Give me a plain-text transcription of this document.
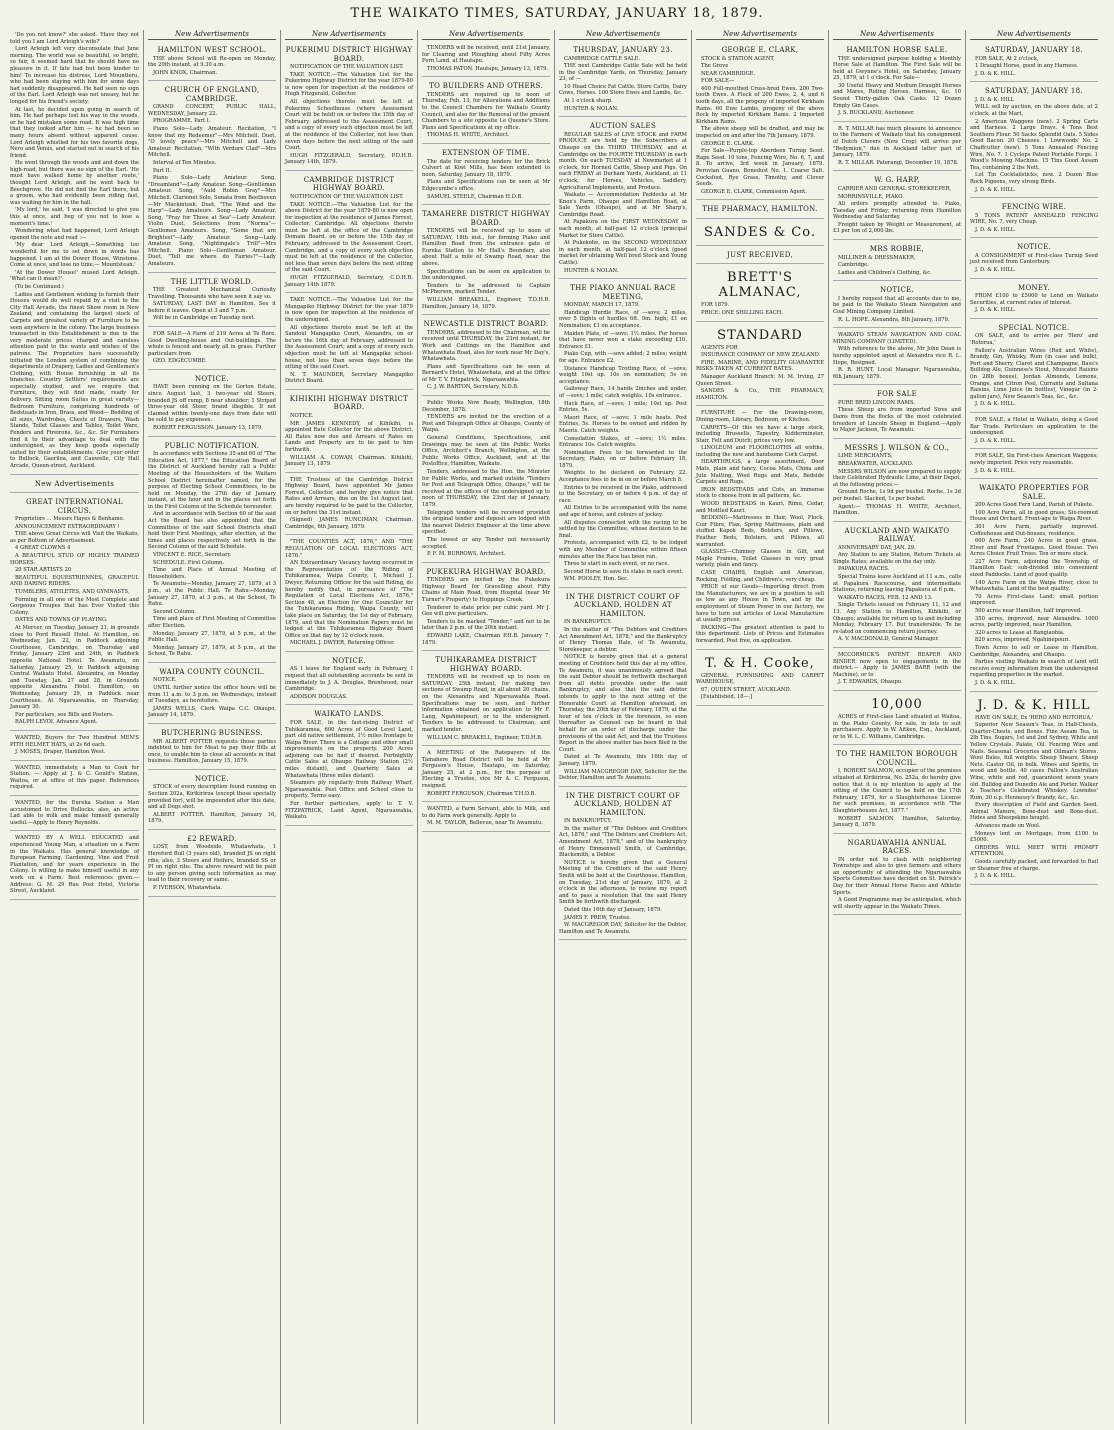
THE WAIKATO TIMES, SATURDAY, JANUARY 18, 1879.

'Do you not know?' she asked. 'Have they not told you I am Lord Arleigh's wife?'

Lord Arleigh left very disconsolate that June morning. The world was so beautiful, so bright, so fair, it seemed hard that he should have no pleasure in it. If fate had but been kinder to him! To increase his distress, Lord Mountleru, who had been staying with him for some days had suddenly disappeared. He had seen no sign of the Earl. Lord Arleigh was not uneasy, but he longed for his friend's society.

At last, he decided upon going in search of him. He had perhaps lost his way in the woods, or he had mistaken some road. It was high time that they looked after him — he had been so many hours absent without apparent cause. Lord Arleigh whistled for his two favorite dogs, Nero and Venus, and started out in search of his friend.

He went through the woods and and down the high-road, but there was no sign of the Earl. 'He must have walked home by another route,' thought Lord Arleigh, and he went back to Beechgrove. He did not find the Earl there, but a groom, who had evidently been riding fast, was waiting for him in the hall.

'My lord,' he said, 'I was directed to give you this at once, and beg of you not to lose a moment's time.'

Wondering what had happened, Lord Arleigh opened the note and read :—

'My dear Lord Arleigh,—Something too wonderful for me to set down in words has happened. I am at the Dower House, Winstone. Come at once, and lose no time.— Mountstean.'

'At the Dower House!' mused Lord Arleigh. 'What can it mean?'

(To be Continued.)

Ladies and Gentlemen wishing to furnish their Houses would do well repaid by a visit to the City Hall Arcade, the finest Show room in New Zealand, and containing the largest stock of Carpets and greatest variety of Furniture to be seen anywhere in the colony. The large business transacted in this Establishment is due to the very moderate prices charged and careless attention paid to the wants and wishes of the patrons. The Proprietors have successfully initiated the London system of combining the departments of Drapery, Ladies and Gentlemen's Clothing, with House furnishing in all its branches. Country Settlers' requirements are especially studied, and we require that Furniture, they will find made, ready for delivery. Sitting room Suites in great variety—Bedroom Furniture, comprising hundreds of Bedsteads in Iron, Brass, and Wood— Bedding of all sizes, Wardrobes, Chests of Drawers, Wash Stands, Toilet Glasses and Tables, Toilet Ware, Fenders and Fireirons, &c., &c. Sir Furnishers find it to their advantage to deal with the undersigned, as they keep goods especially suited for their establishments. Give your order to Bullock, Gaeriloa, and Cauwelle, City Hall Arcade, Queen-street, Auckland.

New Advertisements
GREAT INTERNATIONAL CIRCUS.

Proprietors ... Messrs Hayes & Benhamo.

ANNOUNCEMENT EXTRAORDINARY !

THE above Great Circus will Visit the Waikato, as per Bottom of Advertisement.

4 GREAT CLOWNS 4

A BEAUTIFUL STUD OF HIGHLY TRAINED HORSES.

20 STAR ARTISTS 20

BEAUTIFUL EQUESTRIENNES, GRACEFUL AND DARING RIDERS.

TUMBLERS, ATHLETES, AND GYMNASTS,

Forming in all one of the Most Complete and Gorgeous Troupes that has Ever Visited this Colony.

DATES AND TOWNS OF PLAYING.

At Mercer, on Tuesday, January 21, in grounds close to Pord Russell Hotel. At Hamilton, on Wednesday, Jan. 22, in Paddock adjoining Courthouse, Cambridge, on Thursday and Friday, January 23rd and 24th, in Paddock opposite National Hotel. Te Awamutu, on Saturday, January 25, in Paddock adjoining Central Waikato Hotel. Alexandra, on Monday and Tuesday, Jan. 27 and 28, in Grounds opposite Alexandra Hotel. Hamilton, on Wednesday, January 29, in Paddock near Courthouse. At Ngaruawahia, on Thursday, January 30.

For particulars, see Bills and Posters.

RALPH LEVOI, Advance Agent.

WANTED, Buyers for Two Hundred MEN'S PITH HELMET HATS, at 2s 6d each.

J. MOSES, Draper, Hamilton West.

WANTED, immediately, a Man to Cook for Station. — Apply at J. & C. Gould's Station, Waitoa, or at office of this paper. References required.

WANTED, for the Eureka Station a Man accustomed to Drive Bullocks; also, an active Lad able to milk and make himself generally useful.—Apply to Henry Reynolds.

WANTED BY A WELL EDUCATED and experienced Young Man, a situation on a Farm in the Waikato. Has general knowledge of European Farming, Gardening, Vine and Fruit Plantation, and for years experience in the Colony. Is willing to make himself useful in any work on a Farm. Best references given.—Address: G. M. 29 Rue Post Hotel, Victoria Street, Auckland.

New Advertisements
HAMILTON WEST SCHOOL.

THE above School will Re-open on Monday, the 20th instant, at 9.30 a.m.

JOHN KNOX, Chairman.

CHURCH OF ENGLAND, CAMBRIDGE.

GRAND CONCERT, PUBLIC HALL, WEDNESDAY, January 22.

PROGRAMME. Part I.

Piano Solo—Lady Amateur. Recitation, "I know that my Redeemer"—Mrs Mitchell. Duet, "O lovely peace"—Mrs Mitchell and Lady Amateur. Recitation, "With Verdure Clad"—Mrs Mitchell.

Interval of Ten Minutes.

Part II.

Piano Solo—Lady Amateur. Song, "Dreamland"—Lady Amateur. Song—Gentleman Amateur. Song, "Auld Robin Gray"—Mrs Mitchell. Clarionet Solo, Sonata from Beethoven—Mr Mackintosh. Duet, "The Wind and the Harp"—Lady Amateurs. Song—Lady Amateur. Song, "Pray for Those at Sea"—Lady Amateur. Violin Duet, Selections from "Norma"—Gentlemen Amateurs. Song, "Some that are Brightest"—Lady Amateur. Song—Lady Amateur. Song, "Nightingale's Trill"—Mrs Mitchell. Piano Solo—Gentleman Amateur. Duet, "Tell me where do Fairies?"—Lady Amateurs.

THE LITTLE WORLD.

THE Greatest Mechanical Curiosity Travelling. Thousands who have seen it say so.

SATURDAY, LAST DAY in Hamilton. See it before it leaves. Open at 3 and 7 p.m.

Will be in Cambridge on Tuesday next.

FOR SALE—A Farm of 219 Acres at Te Rore. Good Dwelling-house and Out-buildings. The whole is fenced and nearly all in grass. Further particulars from

GEO. EDGECUMBE.

NOTICE.

HAVE been running on the Gorton Estate, since August last, 3 two-year old Steers, branded JS off rump, 8 near shoulder; 1 Striped three-year old Steer, brand illegible. If not claimed within twenty-one days from date will be sold to pay expenses.

ROBERT FERGUSSON. January 13, 1879.

PUBLIC NOTIFICATION.

In accordance with Sections 35 and 60 of "The Education Act, 1877," the Education Board of the District of Auckland hereby call a Public Meeting of the Householders of the Waitaro School District hereinafter named, for the purpose of Electing School Committees, to be held on Monday, the 27th day of January instant, at the hour and in the places set forth in the First Column of the Schedule hereunder.

And in accordance with Section 60 of the said Act the Board has also appointed that the Committees of the said School Districts shall hold their First Meetings, after election, at the times and places respectively set forth in the Second Column of the said Schedule.

VINCENT E. RICE, Secretary.

SCHEDULE. First Column.

Time and Place of Annual Meeting of Householders.

Te Awamutu—Monday, January 27, 1879, at 3 p.m., at the Public Hall. Te Rahu—Monday, January 27, 1879, at 3 p.m., at the School, Te Rahu.

Second Column.

Time and place of First Meeting of Committee after Election.

Monday, January 27, 1879, at 5 p.m., at the Public Hall.

Monday, January 27, 1879, at 5 p.m., at the School, Te Rahu.

WAIPA COUNTY COUNCIL.

NOTICE.

UNTIL further notice the office hours will be from 11 a.m. to 3 p.m. on Wednesdays, instead of Tuesdays, as heretofore.

JAMES WELLS, Clerk Waipa C.C. Ohaupo, January 14, 1879.

BUTCHERING BUSINESS.

MR ALBERT POTTER requests those parties indebted to him for Meat to pay their Bills at once, to enable him to close all accounts in that business. Hamilton, January 15, 1879.

NOTICE.

STOCK of every description found running on Section 202a, Kirikiriroa (except those specially provided for), will be impounded after this date, and all Dogs shot.

ALBERT POTTER. Hamilton, January 16, 1879.

£2 REWARD.

LOST, from Woodside, Whatawhata, 1 Hereford Bull (3 years old), branded JS on right ribs; also, 3 Steers and Heifers, branded SS or PI on right ribs. The above reward will be paid to any person giving such information as may lead to their recovery or same.

P. IVERSON, Whatawhata.

New Advertisements
PUKERIMU DISTRICT HIGHWAY BOARD.

NOTIFICATION OF THE VALUATION LIST.

TAKE NOTICE.—The Valuation List for the Pukerimu Highway District for the year 1879-80 is now open for inspection at the residence of Hugh Fitzgerald, Collector.

All objections thereto must be left at Pukerimu Schoolhouse (where Assessment Court will be held) on or before the 15th day of February, addressed to the Assessment Court, and a copy of every such objection must be left at the residence of the Collector, not less than seven days before the next sitting of the said Court.

HUGH FITZGERALD, Secretary, P.D.H.B. January 14th, 1879.

CAMBRIDGE DISTRICT HIGHWAY BOARD.

NOTIFICATION OF THE VALUATION LIST.

TAKE NOTICE.—The Valuation List for the above District for the year 1879-80 is now open for inspection at the residence of James Forrest, Collector, Cambridge. All objections thereto must be left at the office of the Cambridge Domain Board, on or before the 15th day of February, addressed to the Assessment Court, Cambridge, and a copy of every such objection must be left at the residence of the Collector, not less than seven days before the next sitting of the said Court.

HUGH FITZGERALD, Secretary, C.D.H.B. January 14th 1879.

TAKE NOTICE.—The Valuation List for the Mangapiko Highway District for the year 1879 is now open for inspection at the residence of the undersigned.

All objections thereto must be left at the Sandoul Mangapiko Court, Alexandra, on or be'ore the 16th day of February, addressed to the Assessment Court; and a copy of every such objection must be left at Mangapiko school-house, not less than seven days before the sitting of the said Court.

N. T. MAUNDER, Secretary Mangapiko District Board.

KIHIKIHI HIGHWAY DISTRICT BOARD.

NOTICE.

MR JAMES KENNEDY, of Kihikihi, is appointed Rate Collector for the above District. All Rates now due and Arrears of Rates on Lands and Property are to be paid to him forthwith.

WILLIAM A. COWAN, Chairman. Kihikihi, January 13, 1879.

THE Trustees of the Cambridge District Highway Board, have appointed Mr James Forrest, Collector, and hereby give notice that Rates and Arrears, due on the 1st August last, are hereby required to be paid to the Collector, on or before the 31st instant.

(Signed) JAMES RUNCIMAN, Chairman. Cambridge, 6th January, 1879.

"THE COUNTIES ACT, 1876," AND "THE REGULATION OF LOCAL ELECTIONS ACT, 1876."

AN Extraordinary Vacancy having occurred in the Representation of the Riding of Tuhikaramea, Waipa County, I, Michael J. Dwyer, Returning Officer for the said Riding, do hereby notify that, in pursuance of "The Regulation of Local Elections Act, 1876," Section 48, an Election for One Councillor for the Tuhikaramea Riding, Waipa County, will take place on Saturday, the 1st day of February, 1879, and that the Nomination Papers must be lodged at the Tuhikaramea Highway Board Office on that day by 12 o'clock noon.

MICHAEL J. DWYER, Returning Officer.

NOTICE.

AS I leave for England early in February, I request that all outstanding accounts be sent in immediately to J. A. Douglas, Brentwood, near Cambridge.

ADDISON DOUGLAS.

WAIKATO LANDS.

FOR SALE, in the fast-rising District of Tuhikaramea, 600 Acres of Good Level Land, part old native settlement, 1½ miles frontage to Waipa River. There is a Cottage and other small improvements on the property. 200 Acres adjoining can be had if desired. Fortnightly Cattle Sales at Ohaupo Railway Station (2½ miles distant), and Quarterly Sales at Whatawhata (three miles distant).

Steamers ply regularly from Railway Wharf, Ngaruawahia. Post Office and School close to property. Terms easy.

For further particulars, apply to T. V. FITZPATRICK, Land Agent, Ngaruawahia, Waikato.

New Advertisements

TENDERS will be received, until 21st January, for Clearing and Ploughing about Fifty Acres Fern Land, at Hautapu.

THOMAS PATON. Hautapu, January 13, 1879.

TO BUILDERS AND OTHERS.

TENDERS are required up to noon of Thursday, Feb. 13, for Alterations and Additions to the Council Chambers for Waikato County Council, and also for the Removal of the present Chambers to a site opposite Le Quesne's Store. Plans and Specifications at my office.

THOMAS H. WHITE, Architect.

EXTENSION OF TIME.

The date for receiving tenders for the Brick Culvert at Kiwi Mills, has been extended to noon, Saturday, January 18, 1879.

Plans and Specifications can be seen at Mr Edgecumbe's office.

SAMUEL STEELE, Chairman H.D.B.

TAMAHERE DISTRICT HIGHWAY BOARD.

TENDERS will be received up to noon of SATURDAY, 18th inst., for forming Piako and Hamilton Road from the entrance gate of Eureka Station to Mr Hall's Boundary, also about Half a mile of Swamp Road, near the above.

Specifications can be seen on application to the undersigned.

Tenders to be addressed to Captain McPherson, marked Tender.

WILLIAM BREAKELL, Engineer, T.D.H.B. Hamilton, January 14, 1879.

NEWCASTLE DISTRICT BOARD.

TENDERS, addressed to the Chairman, will be received until THURSDAY, the 23rd instant, for Work and Cuttings on the Hamilton and Whatawhata Road, also for work near Mr Day's, Whatawhata.

Plans and Specifications can be seen at Bernard's Hotel, Whatawhata, and at the Office of Mr T. V. Fitzpatrick, Ngaruawahia.

C. J. W. BARTON, Secretary, N.D.B.

Public Works Now Ready, Wellington, 18th December, 1878.

TENDERS are invited for the erection of a Post and Telegraph Office at Ohaupo, County of Waipa.

General Conditions, Specifications, and Drawings may be seen at the Public Works Office, Architect's Branch, Wellington, at the Public Works Office, Auckland, and at the Postoffice, Hamilton, Waikato.

Tenders, addressed to the Hon. the Minister for Public Works, and marked outside "Tenders for Post and Telegraph Office, Ohaupo," will be received at the offices of the undersigned up to noon of THURSDAY, the 23rd day of January, 1879.

Telegraph tenders will be received provided the original tender and deposit are lodged with the nearest District Engineer at the time above specified.

The lowest or any Tender not necessarily accepted.

P. F. M. BURROWS, Architect.

PUKEKURA HIGHWAY BOARD.

TENDERS are invited by the Pukekura Highway Board for Gravelling about Fifty Chains of Main Road, from Hospital (near Mr Turner's Property) to Hoppings Creek.

Tenderer to state price per cubic yard. Mr J. Gee will give particulars.

Tenders to be marked "Tender," and not to be later than 2 p.m. of the 20th instant.

EDWARD LAKE, Chairman P.H.B. January 7, 1879.

TUHIKARAMEA DISTRICT HIGHWAY BOARD.

TENDERS will be received up to noon on SATURDAY, 25th instant, for making two sections of Swamp Road, in all about 20 chains, on the Alexandra and Ngaruawahia Road. Specifications may be seen, and further information obtained on application to Mr F. Lang, Ngahinepouri, or to the undersigned. Tenders to be addressed to Chairman, and marked tender.

WILLIAM C. BREAKELL, Engineer, T.D.H.B.

A MEETING of the Ratepayers of the Tamahere Road District will be held at Mr Ferguson's House, Hautapu, on Saturday, January 25, at 2 p.m., for the purpose of Electing a Trustee, vice Mr A. C. Ferguson, resigned.

ROBERT FERGUSON, Chairman T.H.D.B.

WANTED, a Farm Servant, able to Milk, and to do Farm work generally. Apply to

M. M. TAYLOR, Bellevue, near Te Awamutu.

New Advertisements
THURSDAY, JANUARY 23.

CAMBRIDGE CATTLE SALE.

THE next Cambridge Cattle Sale will be held in the Cambridge Yards, on Thursday, January 23, of —

10 Head Choice Fat Cattle. Store Cattle, Dairy Cows, Horses. 100 Store Ewes and Lambs, &c.

At 1 o'clock sharp.

HUNTER & NOLAN.

AUCTION SALES

REGULAR SALES of LIVE STOCK and FARM PRODUCE are held by the Subscribers at Ohaupo on the THIRD THURSDAY, and at Cambridge on the FOURTH THURSDAY in each month. On each TUESDAY at Newmarket at 1 o'clock, for Horned Cattle, Sheep and Pigs. On each FRIDAY at Durham Yards, Auckland, at 11 o'clock, for Horses, Vehicles, Saddlery, Agricultural Implements, and Produce.

Waikato — Accommodation Paddocks at Mr Knox's Farm, Ohaupo and Hamilton Road, at Sale Yards (Ohaupo), and at Mr Sharp's, Cambridge Road.

At Papakura on the FIRST WEDNESDAY in each month, at half-past 12 o'clock (principal Market for Store Cattle).

At Pukekohe, on the SECOND WEDNESDAY in each month, at half-past 12 o'clock (good market for obtaining Well bred Stock and Young Cattle).

HUNTER & NOLAN.

THE PIAKO ANNUAL RACE MEETING,

MONDAY, MARCH 17, 1879.

Handicap Hurdle Race, of —sovs; 2 miles, over 5 flights of hurdles 6ft. 9in. high; £1 on Nomination; £1 on acceptance.

Maiden Plate, of —sovs; 1½ miles. For horses that have never won a stake exceeding £10. Entrance £1.

Piako Cup, with —sovs added; 2 miles; weight for age. Entrance £2.

Distance Handicap Trotting Race, of —sovs; weight 10st up. 10s on nomination; 5s on acceptance.

Galloway Race, 14 hands 2inches and under, of —sovs; 1 mile; catch weights. 10s entrance.

Hack Race, of —sovs; 1 mile; 10st up. Post Entries, 5s.

Maori Race, of —sovs; 1 mile heats. Post Entries, 5s. Horses to be owned and ridden by Maoris. Catch weights.

Consolation Stakes, of —sovs; 1½ miles. Entrance 10s. Catch weights.

Nomination Fees to be forwarded to the Secretary, Piako, on or before February 18, 1879.

Weights to be declared on February 22. Acceptance fees to be in on or before March 8.

Entries to be received in the Piako, addressed to the Secretary, on or before 4 p.m. of day of race.

All Entries to be accompanied with the name and age of horse, and colours of jockey.

All disputes connected with the racing to be settled by the Committee, whose decision to be final.

Protests, accompanied with £2, to be lodged with any Member of Committee within fifteen minutes after the Race has been run.

Three to start in each event, or no race.

Second Horse to save its stake in each event.

WM. POOLEY, Hon. Sec.

IN THE DISTRICT COURT OF AUCKLAND, HOLDEN AT HAMILTON.

IN BANKRUPTCY.

In the matter of "The Debtors and Creditors Act Amendment Act, 1878," and the Bankruptcy of Henry Thomas Hale, of Te Awamutu, Storekeeper, a debtor.

NOTICE is hereby given that at a general meeting of Creditors held this day at my office, Te Awamutu, it was unanimously agreed that the said Debtor should be forthwith discharged from all debts provable under the said Bankruptcy, and also that the said debtor intends to apply to the next sitting of the Honorable Court at Hamilton aforesaid, on Thursday, the 20th day of February, 1879, at the hour of ten o'clock in the forenoon, so soon thereafter as Counsel can be heard in that behalf for an order of discharge under the provisions of the said Act, and that the Trustees Report in the above matter has been filed in the Court.

Dated at Te Awamutu, this 16th day of January, 1879.

WILLIAM MACGREGOR DAY, Solicitor for the Debtor, Hamilton and Te Awamutu.

IN THE DISTRICT COURT OF AUCKLAND, HOLDEN AT HAMILTON.

IN BANKRUPTCY.

In the matter of "The Debtors and Creditors Act, 1876," and "The Debtors and Creditors Act, Amendment Act, 1878," and of the bankruptcy of Henry Emmenwell Smith, of Cambridge, Blacksmith, a Debtor.

NOTICE is hereby given that a General Meeting of the Creditors of the said Henry Smith will be held at the Courthouse, Hamilton, on Tuesday, 21st day of January, 1879, at 2 o'clock in the afternoon, to review my report and to pass a resolution that the said Henry Smith be forthwith discharged.

Dated this 16th day of January, 1879.

JAMES F. PREW, Trustee.

W. MACGREGOR DAY, Solicitor for the Debtor, Hamilton and Te Awamutu.

New Advertisements
GEORGE E. CLARK,

STOCK & STATION AGENT,

The Grove

NEAR CAMBRIDGE.

FOR SALE—

400 Full-mouthed Cross-bred Ewes. 200 Two-tooth Ewes. A Flock of 200 Ewes, 2, 4, and 6 tooth days, all the progeny of imported Kirkham Rams. 60 Ewe Lambs, progeny of the above flock by imported Kirkham Rams. 2 Imported Kirkham Rams.

The above sheep will be drafted, and may be inspected on and after the 7th January, 1879.

GEORGE E. CLARK.

For Sale—Purple-top Aberdeen Turnip Seed. Rape Seed. 10 tons, Fencing Wire, No. 6, 7, and 8. To arrive, 3rd week in January, 1879. Peruvian Guano. Bonedust No. 1. Coarse Salt. Cocksfoot, Rye Grass, Timothy, and Clover Seeds.

GEORGE E. CLARK, Commission Agent.

THE PHARMACY, HAMILTON.
SANDES & Co.
JUST RECEIVED,
BRETT'S ALMANAC,

FOR 1879.

PRICE: ONE SHILLING EACH.

STANDARD

AGENTS FOR

INSURANCE COMPANY OF NEW ZEALAND.

FIRE, MARINE, AND FIDELITY GUARANTEE RISKS TAKEN AT CURRENT RATES.

Manager Auckland Branch: M. M. Irving, 27 Queen Street.

SANDES & Co., THE PHARMACY, HAMILTON.

FURNITURE — For the Drawing-room, Dining-room, Library, Bedroom, or Kitchen.

CARPETS—Of this we have a large stock, including Brussells, Tapestry, Kidderminster, Stair, Felt and Dutch; prices very low.

LINOLEUM and FLOORCLOTHS all widths, including the new and handsome Cork Carpet.

HEARTHRUGS, a large assortment, Door Mats, plain and fancy, Cocoa Mats, China and Jute Matting, Wool Rugs and Mats, Bedside Carpets and Rugs.

IRON BEDSTEADS and Cots, an immense stock to choose from in all patterns, &c.

WOOD BEDSTEADS in Kauri, Rimu, Cedar, and Mottled Kauri.

BEDDING—Mattresses in Hair, Wool, Flock, Coir Fibre, Flax, Spring Mattresses, plain and stuffed Kapok Beds, Bolsters, and Pillows, Feather Beds, Bolsters, and Pillows, all warranted.

GLASSES—Chimney Glasses in Gilt, and Maple Frames, Toilet Glasses in very great variety, plain and fancy.

CASE CHAIRS, English and American, Rocking, Folding, and Children's, very cheap.

PRICE of our Goods—Importing direct from the Manufacturers, we are in a position to sell as low as any House in Town, and by the employment of Steam Power in our factory, we have to turn out articles of Local Manufacture at usually prices.

PACKING—The greatest attention is paid to this department. Lists of Prices and Estimates forwarded, Post free, on application.

T. & H. Cooke,

GENERAL FURNISHING AND CARPET WAREHOUSE,

67, QUEEN STREET, AUCKLAND.

[Established, 18—.]

New Advertisements
HAMILTON HORSE SALE.

THE undersigned purpose holding a Monthly Horse Sale at Hamilton. The First Sale will be held at Gwynne's Hotel, on Saturday, January 25, 1879, at 1 o'clock. For Sale—

30 Useful Heavy and Medium Draught Horses and Mares, Riding Horses, Harness, &c. 10 Sound Thirty-gallon Oak Casks. 12 Dozen Empty Gin Cases.

J. S. BUCKLAND, Auctioneer.

R. T. MILLAR has much pleasure to announce to the Farmers of Waikato that his consignment of Dutch Clovers (New Crop) will arrive per "Redymion," due in Auckland latter part of January, 1879.

R. T. MILLAR. Paterangi, December 19, 1878.

W. G. HARP,

CARRIER AND GENERAL STOREKEEPER,

MORRINSVILLE, PIAKO.

All orders promptly attended to. Piako, Tuesday and Friday; returning from Hamilton Wednesday and Saturday.

Freight taken by Weight or Measurement, at £3 per ton of 2,000 lbs.

MRS ROBBIE,

MILLINER & DRESSMAKER,

Cambridge.

Ladies and Children's Clothing, &c.

NOTICE.

I hereby request that all accounts due to me, be paid to the Waikato Steam Navigation and Coal Mining Company Limited.

R. L. HOPE. Alexandra, 8th January, 1879.

WAIKATO STEAM NAVIGATION AND COAL MINING COMPANY (LIMITED).

With reference to the above, Mr John Dean is hereby appointed agent at Alexandra vice R. L. Hope, Resigned.

R. R. HUNT, Local Manager. Ngaruawahia, 6th January, 1879.

FOR SALE

PURE BRED LINCON RAMS.

These Sheep are from imported Sires and Dams from the flocks of the most celebrated breeders of Lincoln Sheep in England.—Apply to Major Jackson, Te Awamutu.

MESSRS J. WILSON & CO.,

LIME MERCHANTS,

BREAKWATER, AUCKLAND.

MESSRS WILSON are now prepared to supply their Celebrated Hydraulic Lime, at their Depot, at the following prices:—

Ground Roche, 1s 9d per bushel. Roche, 1s 3d per bushel. Slacked, 1s per bushel.

Agent:— THOMAS H. WHITE, Architect, Hamilton.

AUCKLAND AND WAIKATO RAILWAY.

ANNIVERSARY DAY, JAN. 29.

Any Station to any Station, Return Tickets at Single Rates; available on the day only.

PAPAKURA RACES.

Special Trains leave Auckland at 11 a.m., calls at Papakura Racecourse, and intermediate Stations, returning leaving Papakura at 6 p.m.

WAIKATO RACES, FEB. 12 AND 13.

Single Tickets issued on February 11, 12 and 13. Any Station to Hamilton, Kihikihi, or Ohaupo; available for return up to and including Monday, February 17. But transferable. To be re-lated on commencing return journey.

A. V. MACDONALD, General Manager.

MCCORMICK'S PATENT REAPER AND BINDER now open to engagements in the district.— Apply to JAMES BARR (with the Machine), or to

J. T. EDWARDS, Ohaupo.

10,000

ACRES of First-class Land situated at Waitoa, in the Piako County, for sale, in lots to suit purchasers. Apply to W. Aitken, Esq., Auckland, or to W. L. C. Williams, Cambridge.

TO THE HAMILTON BOROUGH COUNCIL.

I, ROBERT SALMON, occupier of the premises situated at Kirikiriroa, No. 252a, do hereby give notice that it is my intention to apply at the sitting of the Council to be held on the 17th February, 1879, for a Slaughterhouse License for such premises, in accordance with "The Slaughterhouses Act, 1877."

ROBERT SALMON. Hamilton, Saturday, January 8, 1879.

NGARUAWAHIA ANNUAL RACES.

IN order not to clash with neighboring Townships and also to give farmers and others an opportunity of attending the Ngaruawahia Sports Committee have decided on St. Patrick's Day for their Annual Horse Races and Athletic Sports.

A Good Programme may be anticipated, which will shortly appear in the Waikato Times.

New Advertisements
SATURDAY, JANUARY 18.

FOR SALE, At 2 o'clock,

1 Draught Horse, good in any Harness.

J. D. & K. HILL.

SATURDAY, JANUARY 18.

J. D. & K. HILL

WILL sell by auction, on the above date, at 2 o'clock, at the Mart,

2 American Waggons (new). 2 Spring Carts and Harness. 2 Large Drays. 4 Tons Best Southern Flour. 50 Sacks Splendid Oats. 5 Sides Good Bacon. 20 Cheeses. 1 Lowwoods' No. 2 Chaffcutter (new). 5 Tons Annealed Fencing Wire, No. 7. 1 Cyclops Patent Portable Forge. 1 Wood's Mowing Machine. 15 Tins Good Assam Tea, containing 2 lbs Nett.

Lot Tin Cocktailsticks, new. 2 Dozen Blue Rock Pigeons, very strong Birds.

J. D. & K. HILL.

FENCING WIRE.

5 TONS PATENT ANNEALED FENCING WIRE, No. 7, very Cheap.

J. D. & K. HILL.

NOTICE.

A CONSIGNMENT of First-class Turnip Seed just received from Canterbury.

J. D. & K. HILL.

MONEY.

FROM £100 to £5000 to Lend on Waikato Securities, at current rates of interest.

J. D. & K. HILL.

SPECIAL NOTICE.

ON SALE, and to arrive per 'Hero' and 'Rotorua,'

Fallon's Australian Wines (Red and White), Brandy, Gin, Whisky, Rum (in case and bulk), Port and Sherry, Claret and Champagne, Bass's Bulldog Ale, Guinness's Stout, Muscatel Raisins (in 28lb boxes), Jordan Almonds, Lemons, Orange, and Citron Peel, Currants and Sultana Raisins, Lime Juice (in bottles), Vinegar (in 2-gallon jars), New Season's Teas, &c., &c.

J. D. & K. HILL.

FOR SALE, a Hotel in Waikato, doing a Good Bar Trade. Particulars on application to the undersigned.

J. D. & K. HILL.

FOR SALE, Six First-class American Waggons; newly imported. Price very reasonable.

J. D. & K. HILL.

WAIKATO PROPERTIES FOR SALE.

200 Acres Good Fern Land, Parish of Pukete.

100 Acre Farm, all in good grass; Six-roomed House and Orchard. Front-age to Waipa River.

301 Acre Farm, partially improved. Coffeehouse and Out-houses, residence.

600 Acre Farm, 240 Acres in good grass. Elver and Road Frontages. Good House. Two Acres Choice Fruit Trees. Ten or more stock.

227 Acre Farm, adjoining the Township of Hamilton East; sub-divided into convenient sized Paddocks. Land of good quality.

140 Acre Farm on the Waipa River, close to Whatawhata. Land of the best quality.

70 Acres First-class Land; small portion improved.

500 acres near Hamilton, half improved.

350 acres, improved, near Alexandra. 1000 acres, partly improved, near Hamilton.

320 acres to Lease at Rangiaohia.

820 acres, improved, Ngahinepouri.

Town Acres to sell or Lease in Hamilton, Cambridge, Alexandra, and Ohaupo.

Parties visiting Waikato in search of land will receive every information from the undersigned regarding properties in the market.

J. D. & K. HILL.

J. D. & K. HILL

HAVE ON SALE, Ex 'HERO AND ROTORUA,'

Superior New Season's Teas, in Half-Chests, Quarter-Chests, and Boxes. Fine Assam Tea, in 2lb Tins. Sugars, 1st and 2nd Sydney, White and Yellow Crystals. Palate, Oil. Fencing Wire and Nails. Seasonal Groceries and Oilman's Stores. Wool Bales, full weights. Sheep Shears, Sheep Nets. Castor Oil, in bulk. Wines and Spirits, in wood and bottle. 40 cases Fallon's Australian Wine, white and red, guaranteed seven years old. Bulldog and Dunedin Ale and Porter. Walker & Teacher's Celebrated Whiskey. Lowndes' Rum, 30 o.p. Hennessy's Brandy, &c., &c.

Every description of Field and Garden Seed. Animal Manure, Bone-dust and Bone-dust. Hides and Sheepskins bought.

Advances made on Wool.

Moneys lent on Mortgage, from £100 to £5000.

ORDERS WILL MEET WITH PROMPT ATTENTION.

Goods carefully packed, and forwarded to Rail or Steamer free of charge.

J. D. & K. HILL.
